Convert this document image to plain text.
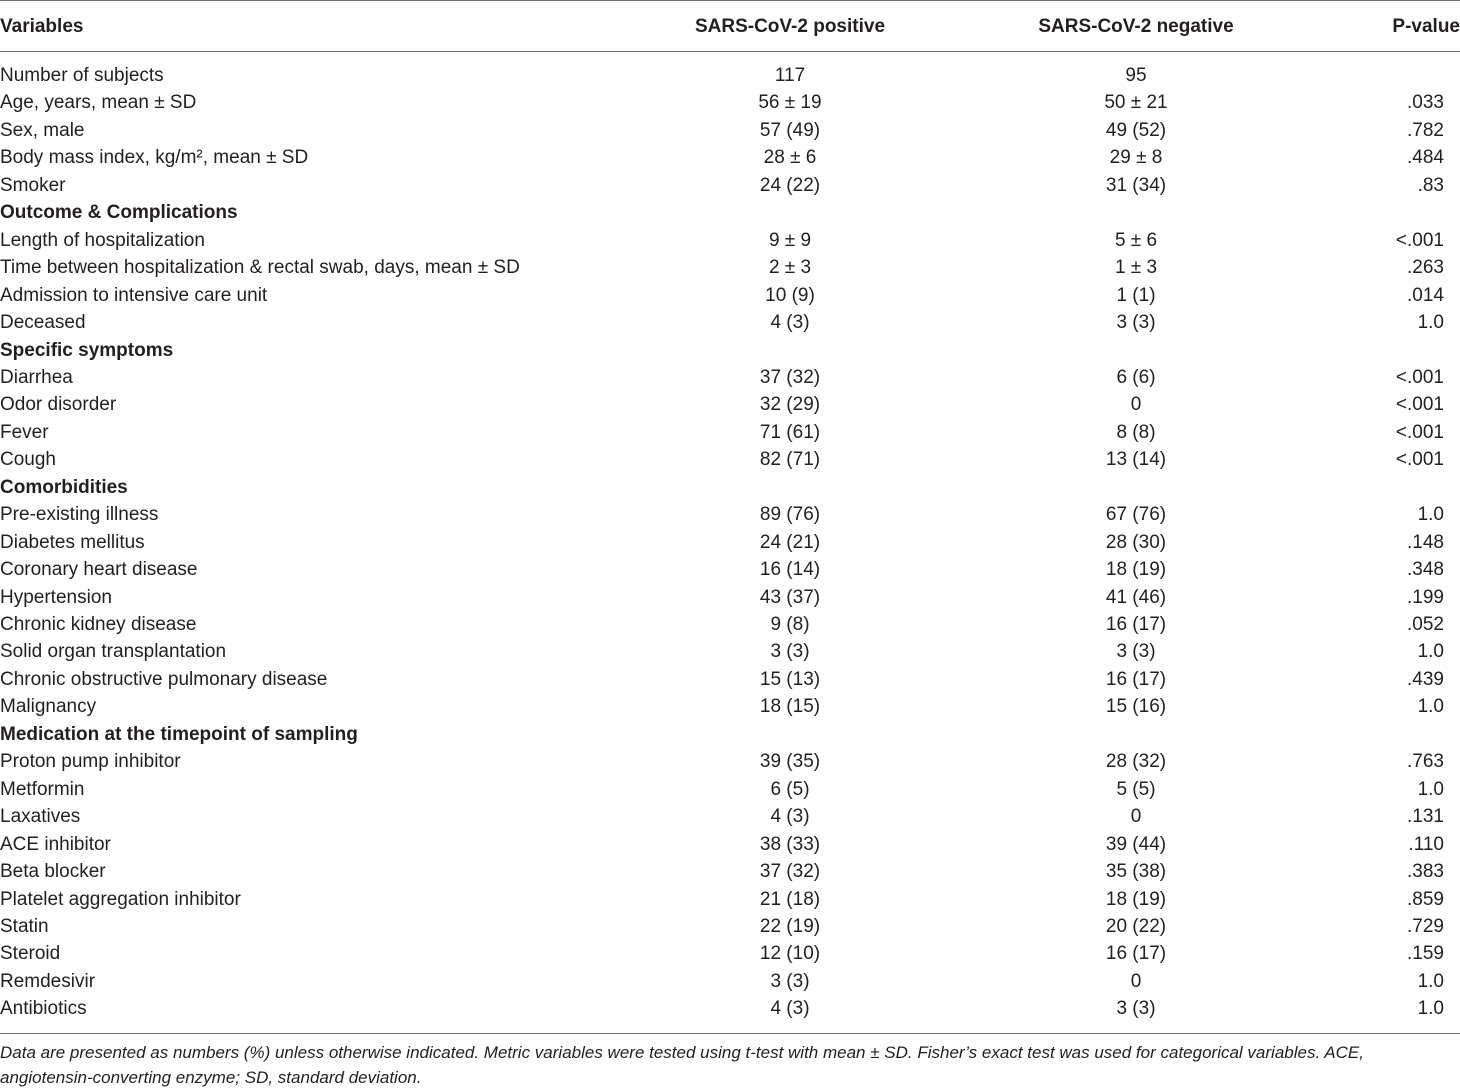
Variables	SARS-CoV-2 positive	SARS-CoV-2 negative	P-value
Number of subjects	117	95
Age, years, mean ± SD	56 ± 19	50 ± 21	.033
Sex, male	57 (49)	49 (52)	.782
Body mass index, kg/m², mean ± SD	28 ± 6	29 ± 8	.484
Smoker	24 (22)	31 (34)	.83
Outcome & Complications
Length of hospitalization	9 ± 9	5 ± 6	<.001
Time between hospitalization & rectal swab, days, mean ± SD	2 ± 3	1 ± 3	.263
Admission to intensive care unit	10 (9)	1 (1)	.014
Deceased	4 (3)	3 (3)	1.0
Specific symptoms
Diarrhea	37 (32)	6 (6)	<.001
Odor disorder	32 (29)	0	<.001
Fever	71 (61)	8 (8)	<.001
Cough	82 (71)	13 (14)	<.001
Comorbidities
Pre-existing illness	89 (76)	67 (76)	1.0
Diabetes mellitus	24 (21)	28 (30)	.148
Coronary heart disease	16 (14)	18 (19)	.348
Hypertension	43 (37)	41 (46)	.199
Chronic kidney disease	9 (8)	16 (17)	.052
Solid organ transplantation	3 (3)	3 (3)	1.0
Chronic obstructive pulmonary disease	15 (13)	16 (17)	.439
Malignancy	18 (15)	15 (16)	1.0
Medication at the timepoint of sampling
Proton pump inhibitor	39 (35)	28 (32)	.763
Metformin	6 (5)	5 (5)	1.0
Laxatives	4 (3)	0	.131
ACE inhibitor	38 (33)	39 (44)	.110
Beta blocker	37 (32)	35 (38)	.383
Platelet aggregation inhibitor	21 (18)	18 (19)	.859
Statin	22 (19)	20 (22)	.729
Steroid	12 (10)	16 (17)	.159
Remdesivir	3 (3)	0	1.0
Antibiotics	4 (3)	3 (3)	1.0
Data are presented as numbers (%) unless otherwise indicated. Metric variables were tested using t-test with mean ± SD. Fisher’s exact test was used for categorical variables. ACE, angiotensin-converting enzyme; SD, standard deviation.
